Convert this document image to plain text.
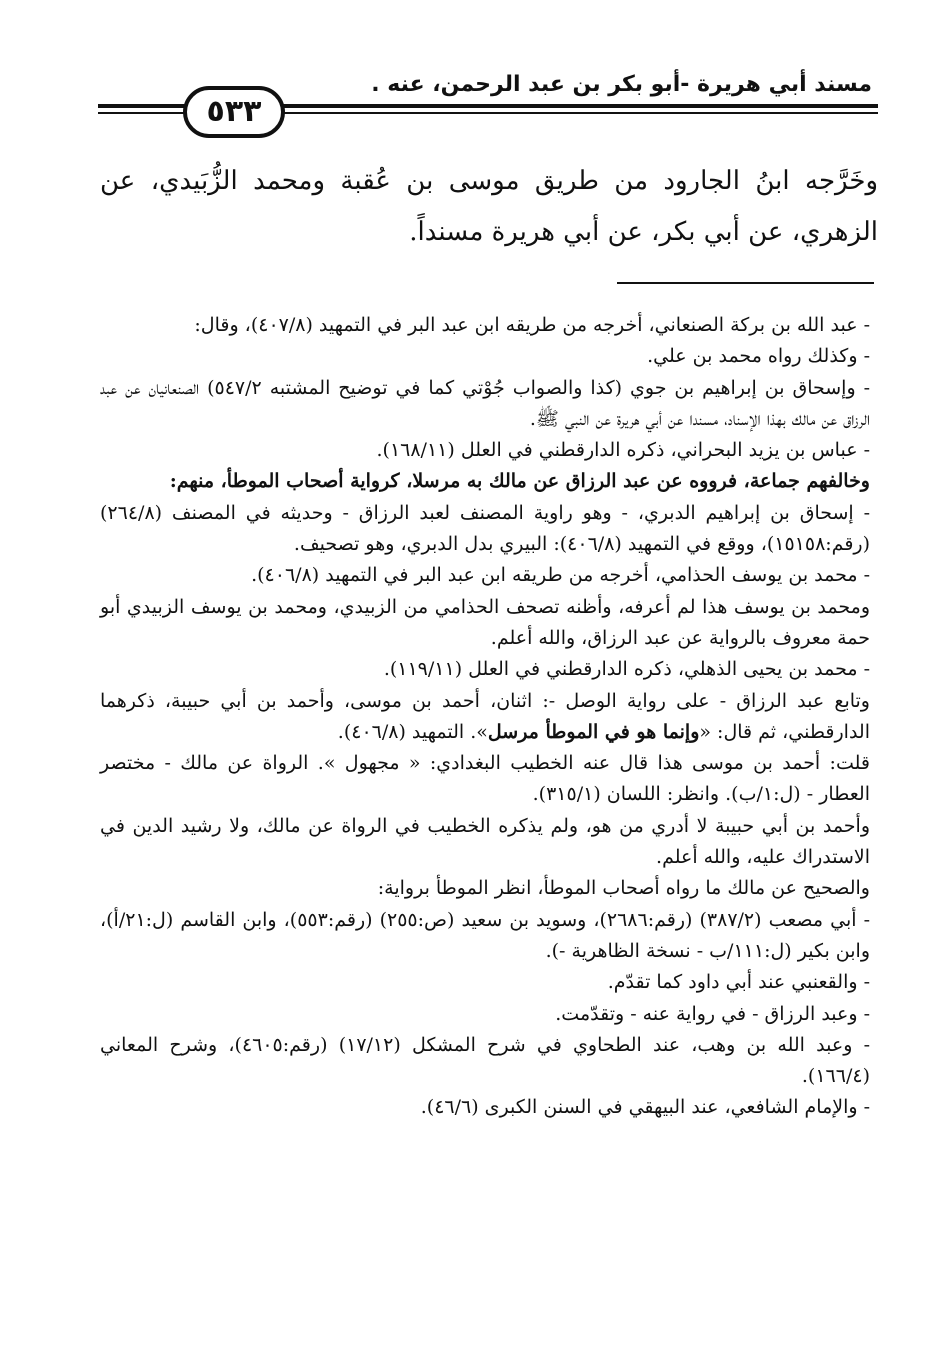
مسند أبي هريرة -أبو بكر بن عبد الرحمن، عنه .
٥٣٣

وخَرَّجه ابنُ الجارود من طريق موسى بن عُقبة ومحمد الزُّبَيدي، عن الزهري، عن أبي بكر، عن أبي هريرة مسنداً.

- عبد الله بن بركة الصنعاني، أخرجه من طريقه ابن عبد البر في التمهيد (٤٠٧/٨)، وقال:

- وكذلك رواه محمد بن علي.

- وإسحاق بن إبراهيم بن جوي (كذا والصواب جُوْتي كما في توضيح المشتبه ٥٤٧/٢) الصنعانيان عن عبد الرزاق عن مالك بهذا الإسناد، مسندا عن أبي هريرة عن النبي ﷺ.

- عباس بن يزيد البحراني، ذكره الدارقطني في العلل (١٦٨/١١).

وخالفهم جماعة، فرووه عن عبد الرزاق عن مالك به مرسلا، كرواية أصحاب الموطأ، منهم:

- إسحاق بن إبراهيم الدبري، - وهو راوية المصنف لعبد الرزاق - وحديثه في المصنف (٢٦٤/٨) (رقم:١٥١٥٨)، ووقع في التمهيد (٤٠٦/٨): البيري بدل الدبري، وهو تصحيف.

- محمد بن يوسف الحذامي، أخرجه من طريقه ابن عبد البر في التمهيد (٤٠٦/٨).

ومحمد بن يوسف هذا لم أعرفه، وأظنه تصحف الحذامي من الزبيدي، ومحمد بن يوسف الزبيدي أبو حمة معروف بالرواية عن عبد الرزاق، والله أعلم.

- محمد بن يحيى الذهلي، ذكره الدارقطني في العلل (١١٩/١١).

وتابع عبد الرزاق - على رواية الوصل -: اثنان، أحمد بن موسى، وأحمد بن أبي حبيبة، ذكرهما الدارقطني، ثم قال: «وإنما هو في الموطأ مرسل». التمهيد (٤٠٦/٨).

قلت: أحمد بن موسى هذا قال عنه الخطيب البغدادي: « مجهول ». الرواة عن مالك - مختصر العطار - (ل:١/ب). وانظر: اللسان (٣١٥/١).

وأحمد بن أبي حبيبة لا أدري من هو، ولم يذكره الخطيب في الرواة عن مالك، ولا رشيد الدين في الاستدراك عليه، والله أعلم.

والصحيح عن مالك ما رواه أصحاب الموطأ، انظر الموطأ برواية:

- أبي مصعب (٣٨٧/٢) (رقم:٢٦٨٦)، وسويد بن سعيد (ص:٢٥٥) (رقم:٥٥٣)، وابن القاسم (ل:٢١/أ)، وابن بكير (ل:١١١/ب - نسخة الظاهرية -).

- والقعنبي عند أبي داود كما تقدّم.

- وعبد الرزاق - في رواية عنه - وتقدّمت.

- وعبد الله بن وهب، عند الطحاوي في شرح المشكل (١٧/١٢) (رقم:٤٦٠٥)، وشرح المعاني (١٦٦/٤).

- والإمام الشافعي، عند البيهقي في السنن الكبرى (٤٦/٦).
